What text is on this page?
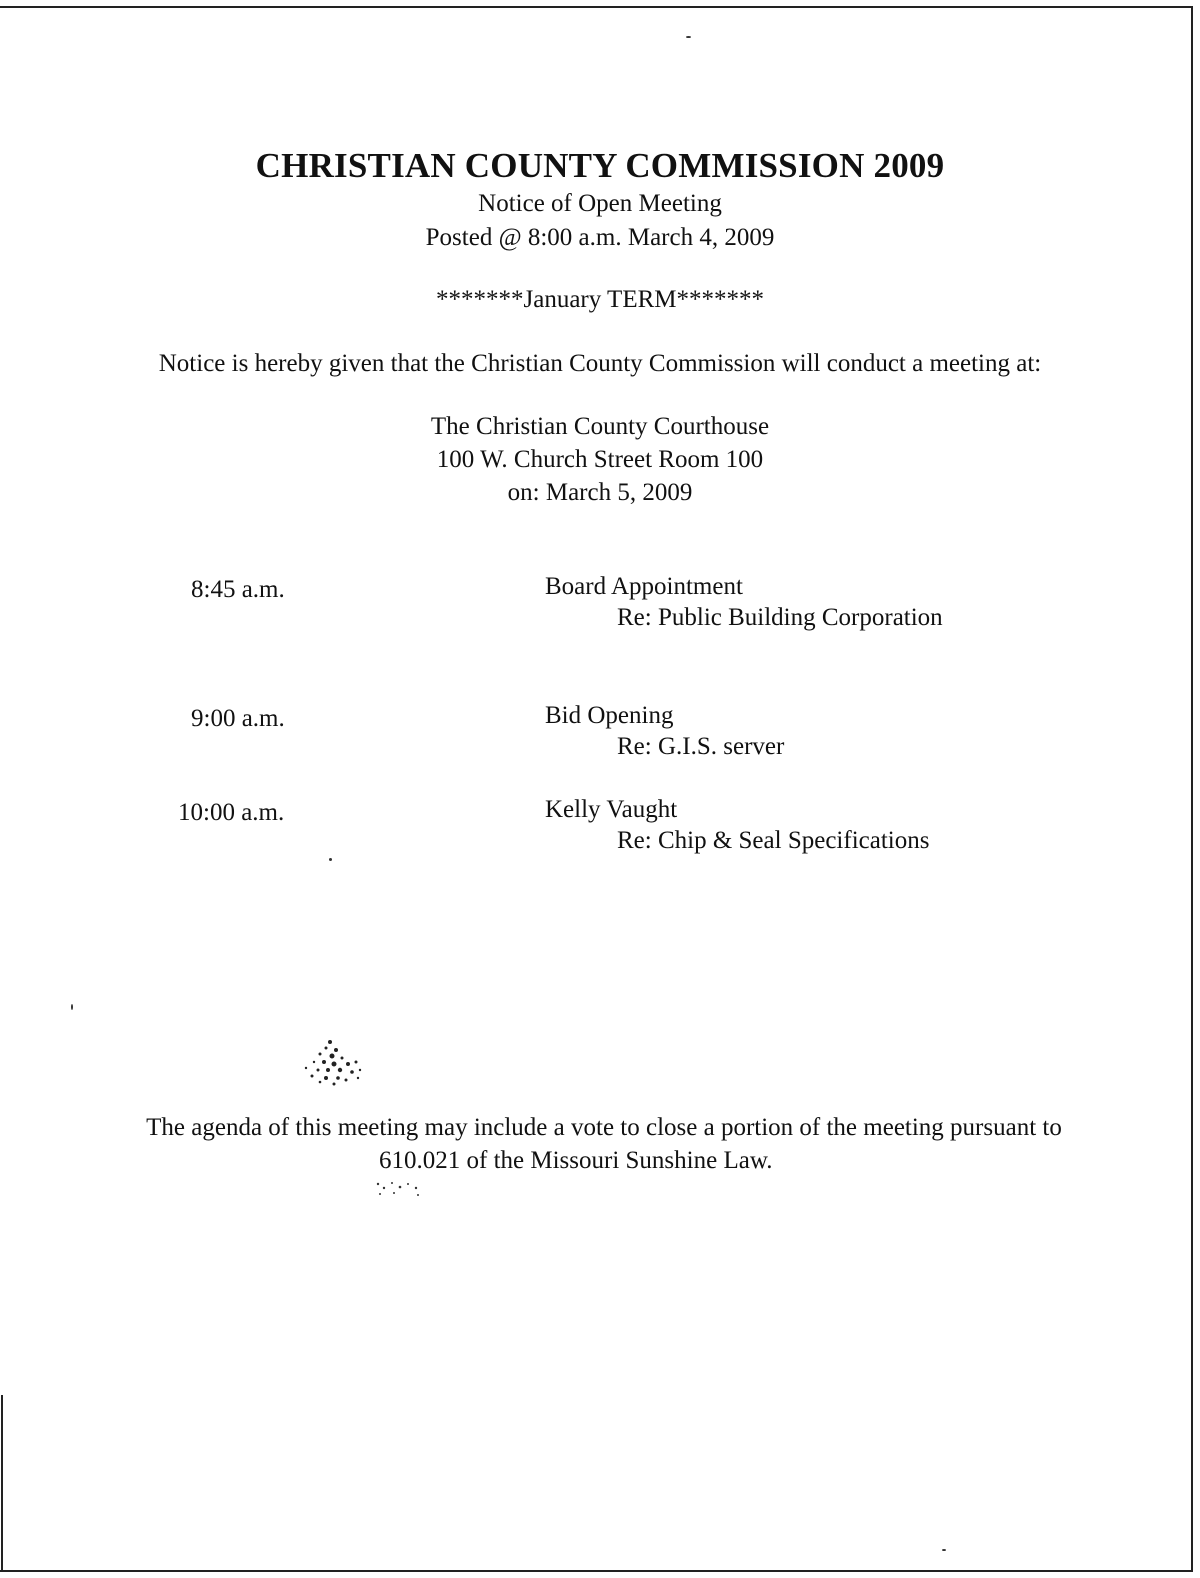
CHRISTIAN COUNTY COMMISSION 2009
Notice of Open Meeting
Posted @ 8:00 a.m. March 4, 2009
*******January TERM*******
Notice is hereby given that the Christian County Commission will conduct a meeting at:
The Christian County Courthouse
100 W. Church Street Room 100
on: March 5, 2009
8:45 a.m.	Board Appointment
Re: Public Building Corporation
9:00 a.m.	Bid Opening
Re: G.I.S. server
10:00 a.m.	Kelly Vaught
Re: Chip & Seal Specifications
The agenda of this meeting may include a vote to close a portion of the meeting pursuant to
610.021 of the Missouri Sunshine Law.
